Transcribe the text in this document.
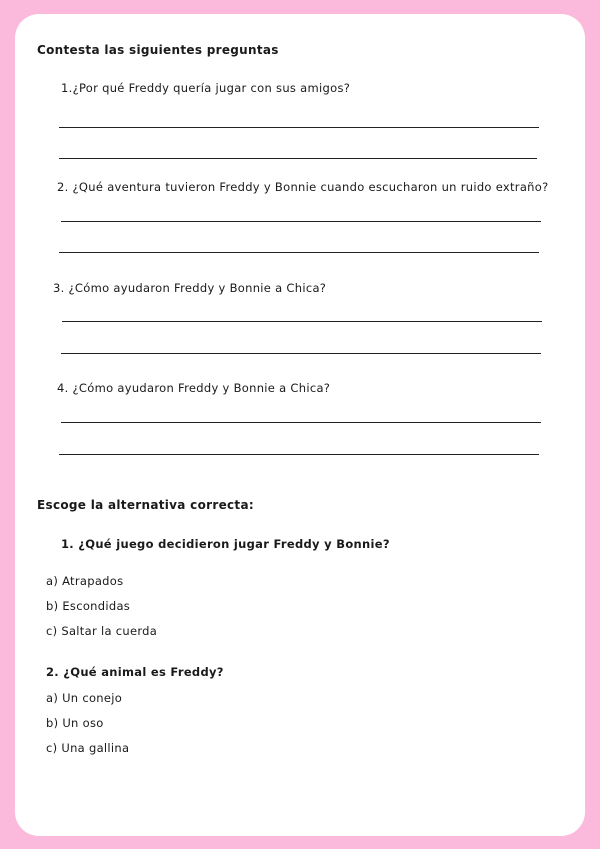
Contesta las siguientes preguntas
1.¿Por qué Freddy quería jugar con sus amigos?
2. ¿Qué aventura tuvieron Freddy y Bonnie cuando escucharon un ruido extraño?
3. ¿Cómo ayudaron Freddy y Bonnie a Chica?
4. ¿Cómo ayudaron Freddy y Bonnie a Chica?
Escoge la alternativa correcta:
1. ¿Qué juego decidieron jugar Freddy y Bonnie?
a) Atrapados
b) Escondidas
c) Saltar la cuerda
2. ¿Qué animal es Freddy?
a) Un conejo
b) Un oso
c) Una gallina
